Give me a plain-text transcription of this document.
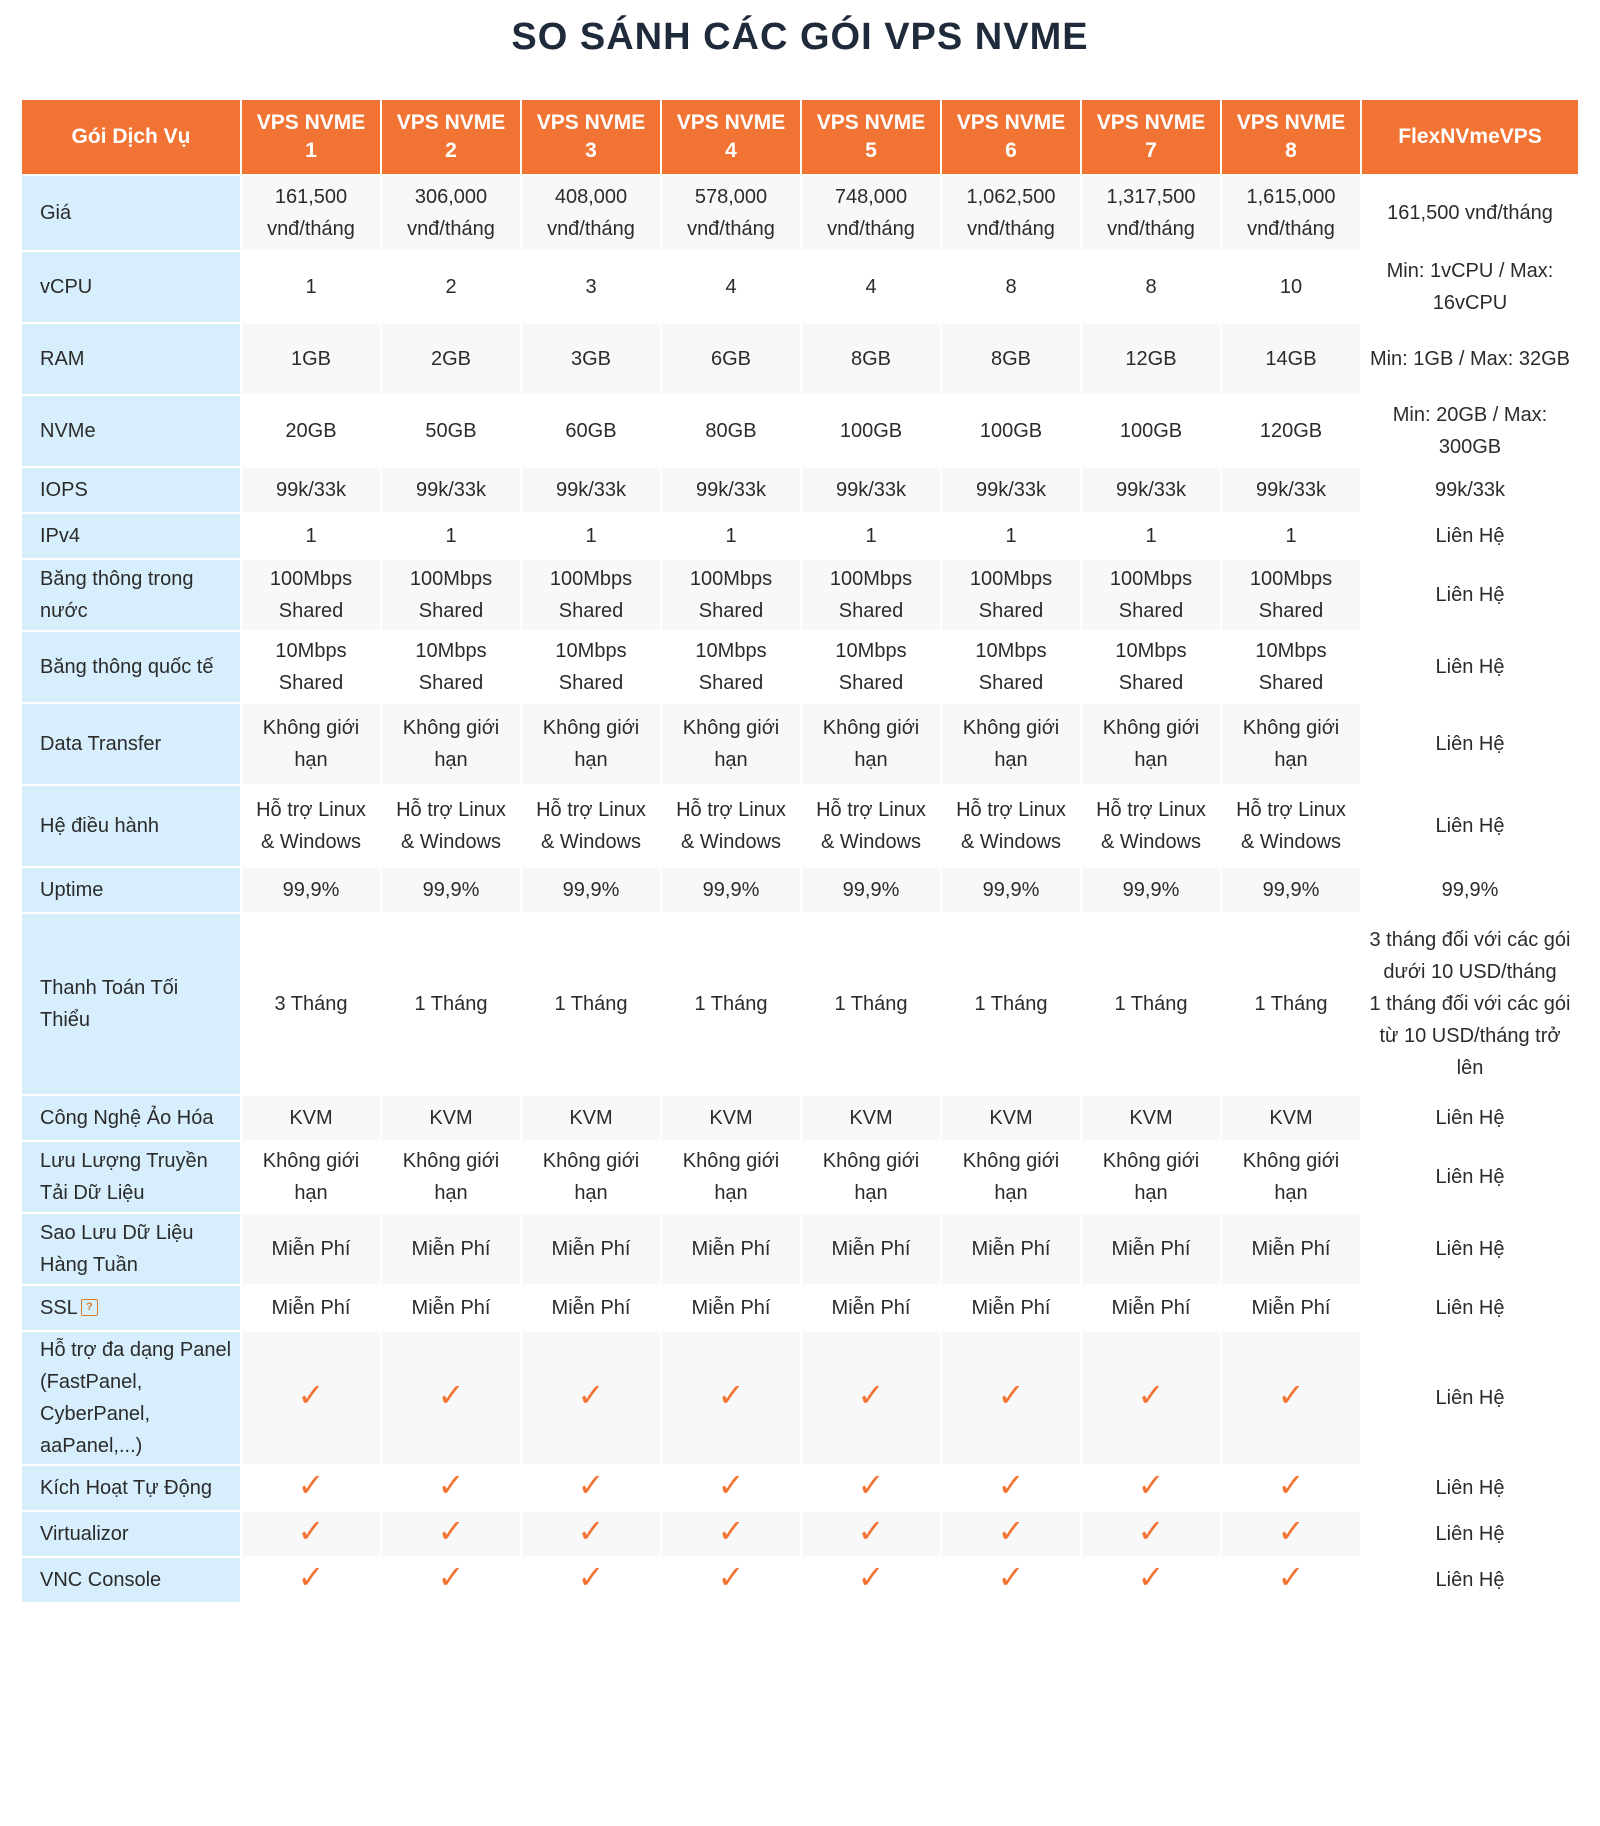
SO SÁNH CÁC GÓI VPS NVME
Gói Dịch Vụ	VPS NVME 1	VPS NVME 2	VPS NVME 3	VPS NVME 4	VPS NVME 5	VPS NVME 6	VPS NVME 7	VPS NVME 8	FlexNVmeVPS
Giá	161,500 vnđ/tháng	306,000 vnđ/tháng	408,000 vnđ/tháng	578,000 vnđ/tháng	748,000 vnđ/tháng	1,062,500 vnđ/tháng	1,317,500 vnđ/tháng	1,615,000 vnđ/tháng	161,500 vnđ/tháng
vCPU	1	2	3	4	4	8	8	10	Min: 1vCPU / Max: 16vCPU
RAM	1GB	2GB	3GB	6GB	8GB	8GB	12GB	14GB	Min: 1GB / Max: 32GB
NVMe	20GB	50GB	60GB	80GB	100GB	100GB	100GB	120GB	Min: 20GB / Max: 300GB
IOPS	99k/33k	99k/33k	99k/33k	99k/33k	99k/33k	99k/33k	99k/33k	99k/33k	99k/33k
IPv4	1	1	1	1	1	1	1	1	Liên Hệ
Băng thông trong nước	100Mbps Shared	100Mbps Shared	100Mbps Shared	100Mbps Shared	100Mbps Shared	100Mbps Shared	100Mbps Shared	100Mbps Shared	Liên Hệ
Băng thông quốc tế	10Mbps Shared	10Mbps Shared	10Mbps Shared	10Mbps Shared	10Mbps Shared	10Mbps Shared	10Mbps Shared	10Mbps Shared	Liên Hệ
Data Transfer	Không giới hạn	Không giới hạn	Không giới hạn	Không giới hạn	Không giới hạn	Không giới hạn	Không giới hạn	Không giới hạn	Liên Hệ
Hệ điều hành	Hỗ trợ Linux & Windows	Hỗ trợ Linux & Windows	Hỗ trợ Linux & Windows	Hỗ trợ Linux & Windows	Hỗ trợ Linux & Windows	Hỗ trợ Linux & Windows	Hỗ trợ Linux & Windows	Hỗ trợ Linux & Windows	Liên Hệ
Uptime	99,9%	99,9%	99,9%	99,9%	99,9%	99,9%	99,9%	99,9%	99,9%
Thanh Toán Tối Thiểu	3 Tháng	1 Tháng	1 Tháng	1 Tháng	1 Tháng	1 Tháng	1 Tháng	1 Tháng	3 tháng đối với các gói dưới 10 USD/tháng
1 tháng đối với các gói từ 10 USD/tháng trở lên

Công Nghệ Ảo Hóa	KVM	KVM	KVM	KVM	KVM	KVM	KVM	KVM	Liên Hệ
Lưu Lượng Truyền Tải Dữ Liệu	Không giới hạn	Không giới hạn	Không giới hạn	Không giới hạn	Không giới hạn	Không giới hạn	Không giới hạn	Không giới hạn	Liên Hệ
Sao Lưu Dữ Liệu Hàng Tuần	Miễn Phí	Miễn Phí	Miễn Phí	Miễn Phí	Miễn Phí	Miễn Phí	Miễn Phí	Miễn Phí	Liên Hệ
SSL ?	Miễn Phí	Miễn Phí	Miễn Phí	Miễn Phí	Miễn Phí	Miễn Phí	Miễn Phí	Miễn Phí	Liên Hệ
Hỗ trợ đa dạng Panel (FastPanel, CyberPanel, aaPanel,...)	✓	✓	✓	✓	✓	✓	✓	✓	Liên Hệ
Kích Hoạt Tự Động	✓	✓	✓	✓	✓	✓	✓	✓	Liên Hệ
Virtualizor	✓	✓	✓	✓	✓	✓	✓	✓	Liên Hệ
VNC Console	✓	✓	✓	✓	✓	✓	✓	✓	Liên Hệ
